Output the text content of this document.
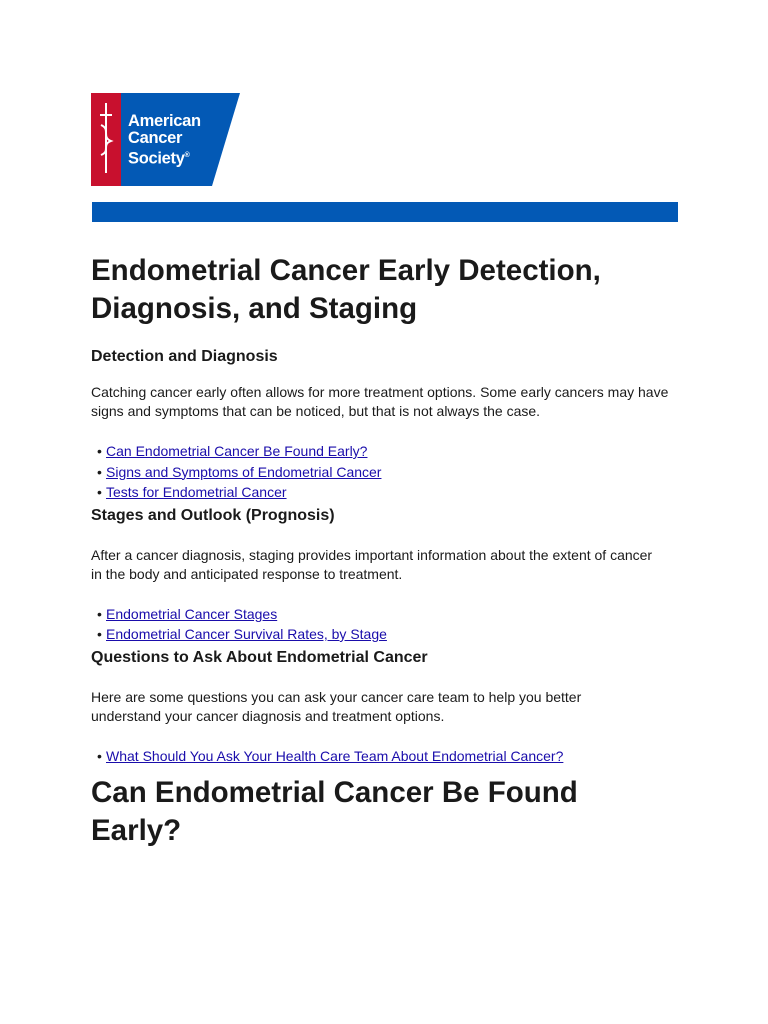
American
Cancer
Society®
Endometrial Cancer Early Detection, Diagnosis, and Staging
Detection and Diagnosis

Catching cancer early often allows for more treatment options. Some early cancers may have signs and symptoms that can be noticed, but that is not always the case.

• Can Endometrial Cancer Be Found Early?
• Signs and Symptoms of Endometrial Cancer
• Tests for Endometrial Cancer
Stages and Outlook (Prognosis)

After a cancer diagnosis, staging provides important information about the extent of cancer in the body and anticipated response to treatment.

• Endometrial Cancer Stages
• Endometrial Cancer Survival Rates, by Stage
Questions to Ask About Endometrial Cancer

Here are some questions you can ask your cancer care team to help you better understand your cancer diagnosis and treatment options.

• What Should You Ask Your Health Care Team About Endometrial Cancer?
Can Endometrial Cancer Be Found Early?
